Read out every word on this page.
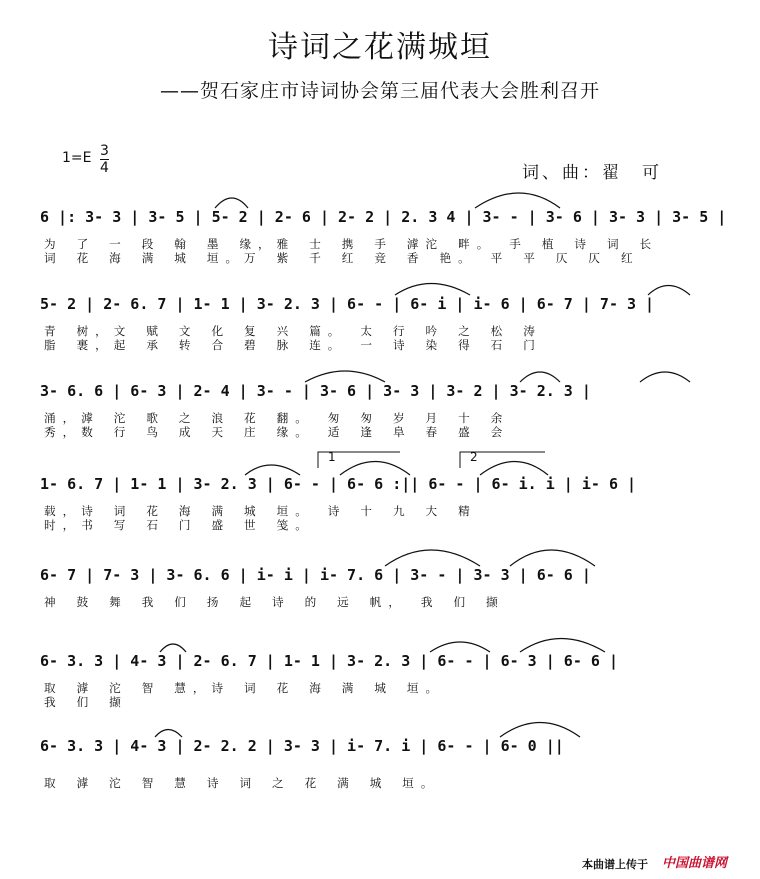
诗词之花满城垣
——贺石家庄市诗词协会第三届代表大会胜利召开
1=E 3
4	词、曲：翟　可
6 |: 3- 3 | 3- 5 | 5- 2 | 2- 6 | 2- 2 | 2. 3 4 | 3- - | 3- 6 | 3- 3 | 3- 5 |
为 了 一 段 翰 墨 缘，雅 士 携 手 滹沱 畔。 手 植 诗 词 长
词 花 海 满 城 垣。万 紫 千 红 竞 香 艳。 平 平 仄 仄 红
5- 2 | 2- 6. 7 | 1- 1 | 3- 2. 3 | 6- - | 6- i | i- 6 | 6- 7 | 7- 3 |
青 树，文 赋 文 化 复 兴 篇。 太 行 吟 之 松 涛
脂 裹，起 承 转 合 碧 脉 连。 一 诗 染 得 石 门
3- 6. 6 | 6- 3 | 2- 4 | 3- - | 3- 6 | 3- 3 | 3- 2 | 3- 2. 3 |
涌，滹 沱 歌 之 浪 花 翻。 匆 匆 岁 月 十 余
秀，数 行 鸟 成 天 庄 缘。 适 逢 阜 春 盛 会
1- 6. 7 | 1- 1 | 3- 2. 3 | 6- - | 6- 6 :|| 6- - | 6- i. i | i- 6 |
载，诗 词 花 海 满 城 垣。 诗 十 九 大 精
时，书 写 石 门 盛 世 笺。
1	2
6- 7 | 7- 3 | 3- 6. 6 | i- i | i- 7. 6 | 3- - | 3- 3 | 6- 6 |
神 鼓 舞 我 们 扬 起 诗 的 远 帆， 我 们 撷
6- 3. 3 | 4- 3 | 2- 6. 7 | 1- 1 | 3- 2. 3 | 6- - | 6- 3 | 6- 6 |
取 滹 沱 智 慧，诗 词 花 海 满 城 垣。
我 们 撷
6- 3. 3 | 4- 3 | 2- 2. 2 | 3- 3 | i- 7. i | 6- - | 6- 0 ||
取 滹 沱 智 慧 诗 词 之 花 满 城 垣。
本曲谱上传于 中国曲谱网
